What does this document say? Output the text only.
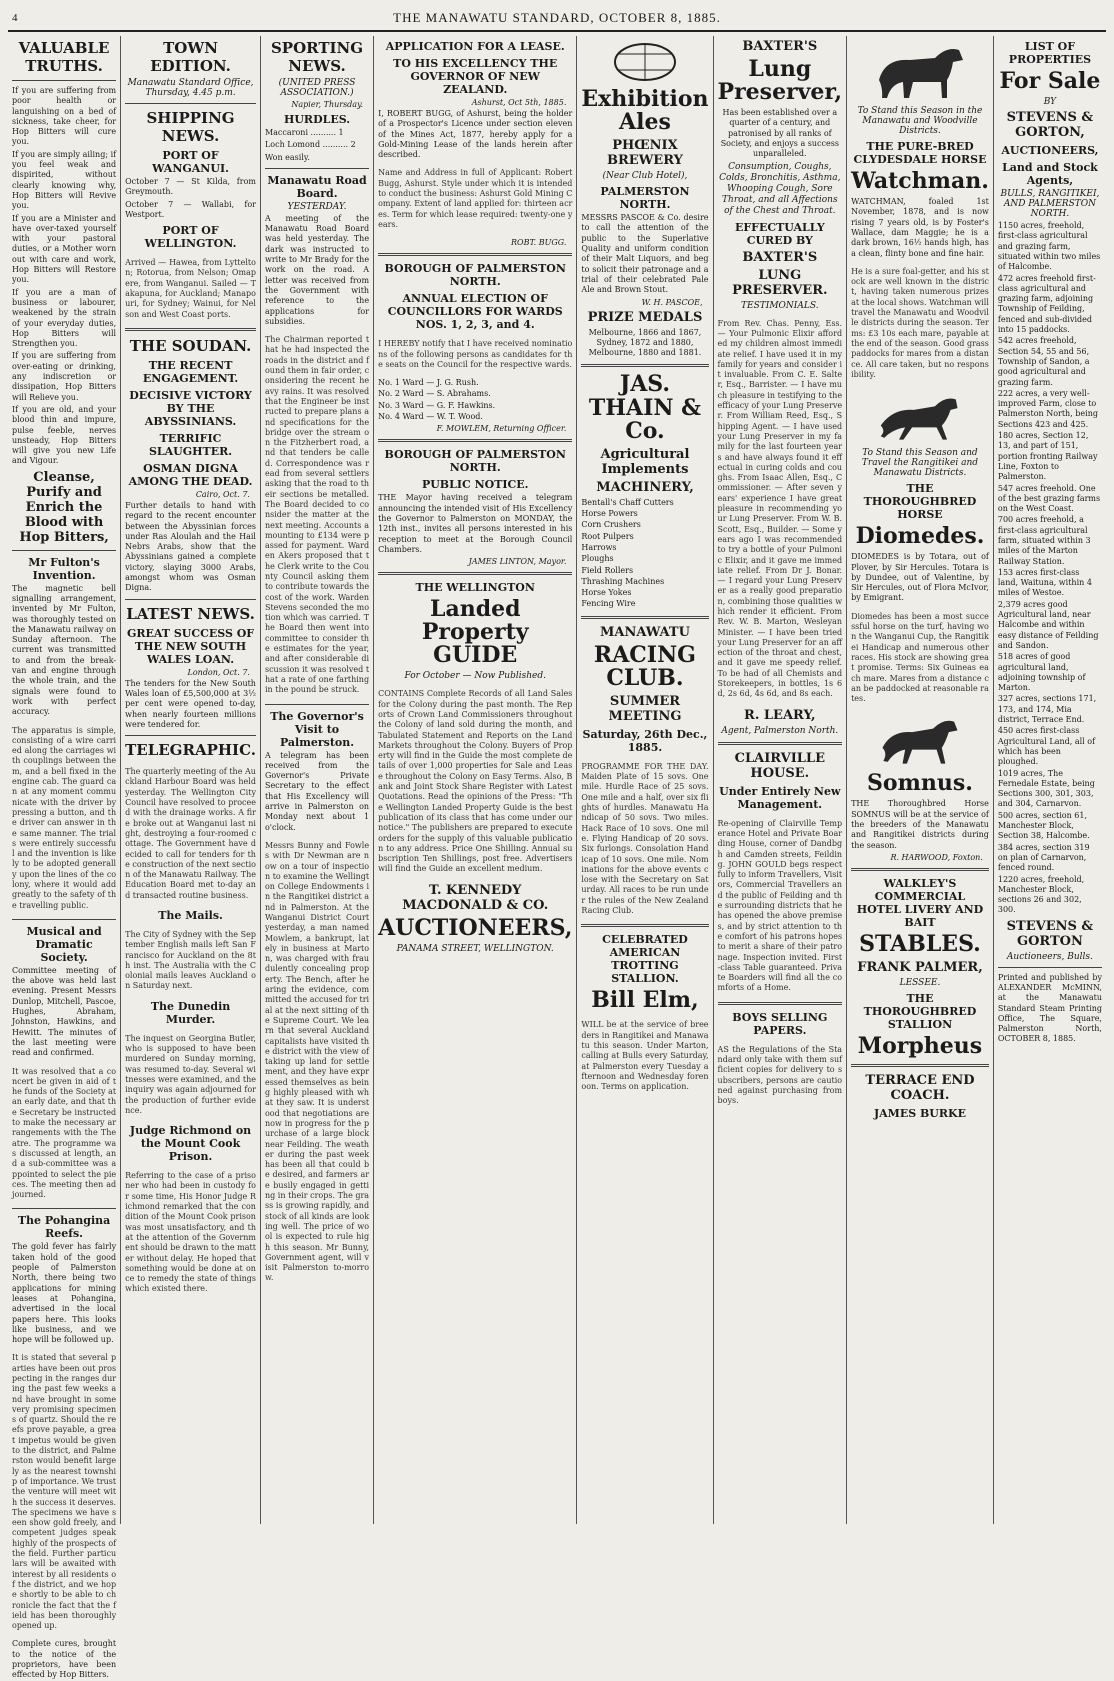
4	THE MANAWATU STANDARD, OCTOBER 8, 1885.
VALUABLE TRUTHS.

If you are suffering from poor health or languishing on a bed of sickness, take cheer, for Hop Bitters will cure you.

If you are simply ailing; if you feel weak and dispirited, without clearly knowing why, Hop Bitters will Revive you.

If you are a Minister and have over-taxed yourself with your pastoral duties, or a Mother worn out with care and work, Hop Bitters will Restore you.

If you are a man of business or labourer, weakened by the strain of your everyday duties, Hop Bitters will Strengthen you.

If you are suffering from over-eating or drinking, any indiscretion or dissipation, Hop Bitters will Relieve you.

If you are old, and your blood thin and impure, pulse feeble, nerves unsteady, Hop Bitters will give you new Life and Vigour.

Cleanse, Purify and Enrich the Blood with Hop Bitters,
Mr Fulton's Invention.

The magnetic bell signalling arrangement, invented by Mr Fulton, was thoroughly tested on the Manawatu railway on Sunday afternoon. The current was transmitted to and from the break-van and engine through the whole train, and the signals were found to work with perfect accuracy.

The apparatus is simple, consisting of a wire carried along the carriages with couplings between them, and a bell fixed in the engine cab. The guard can at any moment communicate with the driver by pressing a button, and the driver can answer in the same manner. The trials were entirely successful and the invention is likely to be adopted generally upon the lines of the colony, where it would add greatly to the safety of the travelling public.

Musical and Dramatic Society.

Committee meeting of the above was held last evening. Present Messrs Dunlop, Mitchell, Pascoe, Hughes, Abraham, Johnston, Hawkins, and Hewitt. The minutes of the last meeting were read and confirmed.

It was resolved that a concert be given in aid of the funds of the Society at an early date, and that the Secretary be instructed to make the necessary arrangements with the Theatre. The programme was discussed at length, and a sub-committee was appointed to select the pieces. The meeting then adjourned.

The Pohangina Reefs.

The gold fever has fairly taken hold of the good people of Palmerston North, there being two applications for mining leases at Pohangina, advertised in the local papers here. This looks like business, and we hope will be followed up.

It is stated that several parties have been out prospecting in the ranges during the past few weeks and have brought in some very promising specimens of quartz. Should the reefs prove payable, a great impetus would be given to the district, and Palmerston would benefit largely as the nearest township of importance. We trust the venture will meet with the success it deserves. The specimens we have seen show gold freely, and competent judges speak highly of the prospects of the field. Further particulars will be awaited with interest by all residents of the district, and we hope shortly to be able to chronicle the fact that the field has been thoroughly opened up.

Complete cures, brought to the notice of the proprietors, have been effected by Hop Bitters.

TOWN EDITION.
Manawatu Standard Office, Thursday, 4.45 p.m.
SHIPPING NEWS.
PORT OF WANGANUI.

October 7 — St Kilda, from Greymouth.

October 7 — Wallabi, for Westport.

PORT OF WELLINGTON.

Arrived — Hawea, from Lyttelton; Rotorua, from Nelson; Omapere, from Wanganui. Sailed — Takapuna, for Auckland; Manapouri, for Sydney; Wainui, for Nelson and West Coast ports.

THE SOUDAN.
THE RECENT ENGAGEMENT.
DECISIVE VICTORY BY THE ABYSSINIANS.
TERRIFIC SLAUGHTER.
OSMAN DIGNA AMONG THE DEAD.
Cairo, Oct. 7.

Further details to hand with regard to the recent encounter between the Abyssinian forces under Ras Aloulah and the Hail Nebrs Arabs, show that the Abyssinians gained a complete victory, slaying 3000 Arabs, amongst whom was Osman Digna.

LATEST NEWS.
GREAT SUCCESS OF THE NEW SOUTH WALES LOAN.
London, Oct. 7.

The tenders for the New South Wales loan of £5,500,000 at 3½ per cent were opened to-day, when nearly fourteen millions were tendered for.

TELEGRAPHIC.

The quarterly meeting of the Auckland Harbour Board was held yesterday. The Wellington City Council have resolved to proceed with the drainage works. A fire broke out at Wanganui last night, destroying a four-roomed cottage. The Government have decided to call for tenders for the construction of the next section of the Manawatu Railway. The Education Board met to-day and transacted routine business.

The Mails.

The City of Sydney with the September English mails left San Francisco for Auckland on the 8th inst. The Australia with the Colonial mails leaves Auckland on Saturday next.

The Dunedin Murder.

The inquest on Georgina Butler, who is supposed to have been murdered on Sunday morning, was resumed to-day. Several witnesses were examined, and the inquiry was again adjourned for the production of further evidence.

Judge Richmond on the Mount Cook Prison.

Referring to the case of a prisoner who had been in custody for some time, His Honor Judge Richmond remarked that the condition of the Mount Cook prison was most unsatisfactory, and that the attention of the Government should be drawn to the matter without delay. He hoped that something would be done at once to remedy the state of things which existed there.

SPORTING NEWS.
(UNITED PRESS ASSOCIATION.)
Napier, Thursday.
HURDLES.
Maccaroni .......... 1
Loch Lomond .......... 2
Won easily.
Manawatu Road Board.
YESTERDAY.

A meeting of the Manawatu Road Board was held yesterday. The dark was instructed to write to Mr Brady for the work on the road. A letter was received from the Government with reference to the applications for subsidies.

The Chairman reported that he had inspected the roads in the district and found them in fair order, considering the recent heavy rains. It was resolved that the Engineer be instructed to prepare plans and specifications for the bridge over the stream on the Fitzherbert road, and that tenders be called. Correspondence was read from several settlers asking that the road to their sections be metalled. The Board decided to consider the matter at the next meeting. Accounts amounting to £134 were passed for payment. Warden Akers proposed that the Clerk write to the County Council asking them to contribute towards the cost of the work. Warden Stevens seconded the motion which was carried. The Board then went into committee to consider the estimates for the year, and after considerable discussion it was resolved that a rate of one farthing in the pound be struck.

The Governor's Visit to Palmerston.

A telegram has been received from the Governor's Private Secretary to the effect that His Excellency will arrive in Palmerston on Monday next about 1 o'clock.

Messrs Bunny and Fowles with Dr Newman are now on a tour of inspection to examine the Wellington College Endowments in the Rangitikei district and in Palmerston. At the Wanganui District Court yesterday, a man named Mowlem, a bankrupt, lately in business at Marton, was charged with fraudulently concealing property. The Bench, after hearing the evidence, committed the accused for trial at the next sitting of the Supreme Court. We learn that several Auckland capitalists have visited the district with the view of taking up land for settlement, and they have expressed themselves as being highly pleased with what they saw. It is understood that negotiations are now in progress for the purchase of a large block near Feilding. The weather during the past week has been all that could be desired, and farmers are busily engaged in getting in their crops. The grass is growing rapidly, and stock of all kinds are looking well. The price of wool is expected to rule high this season. Mr Bunny, Government agent, will visit Palmerston to-morrow.

APPLICATION FOR A LEASE.
TO HIS EXCELLENCY THE GOVERNOR OF NEW ZEALAND.
Ashurst, Oct 5th, 1885.

I, ROBERT BUGG, of Ashurst, being the holder of a Prospector's Licence under section eleven of the Mines Act, 1877, hereby apply for a Gold-Mining Lease of the lands herein after described.

Name and Address in full of Applicant: Robert Bugg, Ashurst. Style under which it is intended to conduct the business: Ashurst Gold Mining Company. Extent of land applied for: thirteen acres. Term for which lease required: twenty-one years.

ROBT. BUGG.
BOROUGH OF PALMERSTON NORTH.
ANNUAL ELECTION OF COUNCILLORS FOR WARDS NOS. 1, 2, 3, and 4.

I HEREBY notify that I have received nominations of the following persons as candidates for the seats on the Council for the respective wards.

No. 1 Ward — J. G. Rush.
No. 2 Ward — S. Abrahams.
No. 3 Ward — G. F. Hawkins.
No. 4 Ward — W. T. Wood.
F. MOWLEM, Returning Officer.
BOROUGH OF PALMERSTON NORTH.
PUBLIC NOTICE.

THE Mayor having received a telegram announcing the intended visit of His Excellency the Governor to Palmerston on MONDAY, the 12th inst., invites all persons interested in his reception to meet at the Borough Council Chambers.

JAMES LINTON, Mayor.
THE WELLINGTON
Landed Property GUIDE
For October — Now Published.

CONTAINS Complete Records of all Land Sales for the Colony during the past month. The Reports of Crown Land Commissioners throughout the Colony of land sold during the month, and Tabulated Statement and Reports on the Land Markets throughout the Colony. Buyers of Property will find in the Guide the most complete details of over 1,000 properties for Sale and Lease throughout the Colony on Easy Terms. Also, Bank and Joint Stock Share Register with Latest Quotations. Read the opinions of the Press: "The Wellington Landed Property Guide is the best publication of its class that has come under our notice." The publishers are prepared to execute orders for the supply of this valuable publication to any address. Price One Shilling. Annual subscription Ten Shillings, post free. Advertisers will find the Guide an excellent medium.

T. KENNEDY MACDONALD & CO.
AUCTIONEERS,
PANAMA STREET, WELLINGTON.
Exhibition Ales
PHŒNIX BREWERY
(Near Club Hotel),
PALMERSTON NORTH.

MESSRS PASCOE & Co. desire to call the attention of the public to the Superlative Quality and uniform condition of their Malt Liquors, and beg to solicit their patronage and a trial of their celebrated Pale Ale and Brown Stout.

W. H. PASCOE,
PRIZE MEDALS

Melbourne, 1866 and 1867, Sydney, 1872 and 1880, Melbourne, 1880 and 1881.

JAS. THAIN & Co.
Agricultural Implements
MACHINERY,
Bentall's Chaff Cutters
Horse Powers
Corn Crushers
Root Pulpers
Harrows
Ploughs
Field Rollers
Thrashing Machines
Horse Yokes
Fencing Wire
MANAWATU
RACING CLUB.
SUMMER MEETING
Saturday, 26th Dec., 1885.

PROGRAMME FOR THE DAY. Maiden Plate of 15 sovs. One mile. Hurdle Race of 25 sovs. One mile and a half, over six flights of hurdles. Manawatu Handicap of 50 sovs. Two miles. Hack Race of 10 sovs. One mile. Flying Handicap of 20 sovs. Six furlongs. Consolation Handicap of 10 sovs. One mile. Nominations for the above events close with the Secretary on Saturday. All races to be run under the rules of the New Zealand Racing Club.

CELEBRATED AMERICAN TROTTING STALLION.
Bill Elm,

WILL be at the service of breeders in Rangitikei and Manawatu this season. Under Marton, calling at Bulls every Saturday, at Palmerston every Tuesday afternoon and Wednesday forenoon. Terms on application.

BAXTER'S
Lung Preserver,

Has been established over a quarter of a century, and patronised by all ranks of Society, and enjoys a success unparalleled.

Consumption, Coughs, Colds, Bronchitis, Asthma, Whooping Cough, Sore Throat, and all Affections of the Chest and Throat.

EFFECTUALLY CURED BY
BAXTER'S
LUNG PRESERVER.
TESTIMONIALS.

From Rev. Chas. Penny, Ess. — Your Pulmonic Elixir afforded my children almost immediate relief. I have used it in my family for years and consider it invaluable. From C. E. Salter, Esq., Barrister. — I have much pleasure in testifying to the efficacy of your Lung Preserver. From William Reed, Esq., Shipping Agent. — I have used your Lung Preserver in my family for the last fourteen years and have always found it effectual in curing colds and coughs. From Isaac Allen, Esq., Commissioner. — After seven years' experience I have great pleasure in recommending your Lung Preserver. From W. B. Scott, Esq., Builder. — Some years ago I was recommended to try a bottle of your Pulmonic Elixir, and it gave me immediate relief. From Dr J. Bonar. — I regard your Lung Preserver as a really good preparation, combining those qualities which render it efficient. From Rev. W. B. Marton, Wesleyan Minister. — I have been tried your Lung Preserver for an affection of the throat and chest, and it gave me speedy relief. To be had of all Chemists and Storekeepers, in bottles, 1s 6d, 2s 6d, 4s 6d, and 8s each.

R. LEARY,
Agent, Palmerston North.
CLAIRVILLE HOUSE.
Under Entirely New Management.

Re-opening of Clairville Temperance Hotel and Private Boarding House, corner of Dandbgh and Camden streets, Feilding. JOHN GOULD begs respectfully to inform Travellers, Visitors, Commercial Travellers and the public of Feilding and the surrounding districts that he has opened the above premises, and by strict attention to the comfort of his patrons hopes to merit a share of their patronage. Inspection invited. First-class Table guaranteed. Private Boarders will find all the comforts of a Home.

BOYS SELLING PAPERS.

AS the Regulations of the Standard only take with them sufficient copies for delivery to subscribers, persons are cautioned against purchasing from boys.

To Stand this Season in the Manawatu and Woodville Districts.
THE PURE-BRED CLYDESDALE HORSE
Watchman.

WATCHMAN, foaled 1st November, 1878, and is now rising 7 years old, is by Foster's Wallace, dam Maggie; he is a dark brown, 16½ hands high, has a clean, flinty bone and fine hair.

He is a sure foal-getter, and his stock are well known in the district, having taken numerous prizes at the local shows. Watchman will travel the Manawatu and Woodville districts during the season. Terms: £3 10s each mare, payable at the end of the season. Good grass paddocks for mares from a distance. All care taken, but no responsibility.

To Stand this Season and Travel the Rangitikei and Manawatu Districts.
THE THOROUGHBRED HORSE
Diomedes.

DIOMEDES is by Totara, out of Plover, by Sir Hercules. Totara is by Dundee, out of Valentine, by Sir Hercules, out of Flora McIvor, by Emigrant.

Diomedes has been a most successful horse on the turf, having won the Wanganui Cup, the Rangitikei Handicap and numerous other races. His stock are showing great promise. Terms: Six Guineas each mare. Mares from a distance can be paddocked at reasonable rates.

Somnus.

THE Thoroughbred Horse SOMNUS will be at the service of the breeders of the Manawatu and Rangitikei districts during the season.

R. HARWOOD, Foxton.
WALKLEY'S COMMERCIAL HOTEL LIVERY AND BAIT
STABLES.
FRANK PALMER,
LESSEE.
THE THOROUGHBRED STALLION
Morpheus
TERRACE END COACH.
JAMES BURKE
LIST OF PROPERTIES
For Sale
BY
STEVENS & GORTON,
AUCTIONEERS,
Land and Stock Agents,
BULLS, RANGITIKEI, AND PALMERSTON NORTH.
1150 acres, freehold, first-class agricultural and grazing farm, situated within two miles of Halcombe.
472 acres freehold first-class agricultural and grazing farm, adjoining Township of Feilding, fenced and sub-divided into 15 paddocks.
542 acres freehold, Section 54, 55 and 56, Township of Sandon, a good agricultural and grazing farm.
222 acres, a very well-improved Farm, close to Palmerston North, being Sections 423 and 425.
180 acres, Section 12, 13, and part of 151, portion fronting Railway Line, Foxton to Palmerston.
547 acres freehold. One of the best grazing farms on the West Coast.
700 acres freehold, a first-class agricultural farm, situated within 3 miles of the Marton Railway Station.
153 acres first-class land, Waituna, within 4 miles of Westoe.
2,379 acres good Agricultural land, near Halcombe and within easy distance of Feilding and Sandon.
518 acres of good agricultural land, adjoining township of Marton.
327 acres, sections 171, 173, and 174, Mia district, Terrace End.
450 acres first-class Agricultural Land, all of which has been ploughed.
1019 acres, The Fernedale Estate, being Sections 300, 301, 303, and 304, Carnarvon.
500 acres, section 61, Manchester Block, Section 38, Halcombe.
384 acres, section 319 on plan of Carnarvon, fenced round.
1220 acres, freehold, Manchester Block, sections 26 and 302, 300.
STEVENS & GORTON
Auctioneers, Bulls.

Printed and published by ALEXANDER McMINN, at the Manawatu Standard Steam Printing Office, The Square, Palmerston North, OCTOBER 8, 1885.
